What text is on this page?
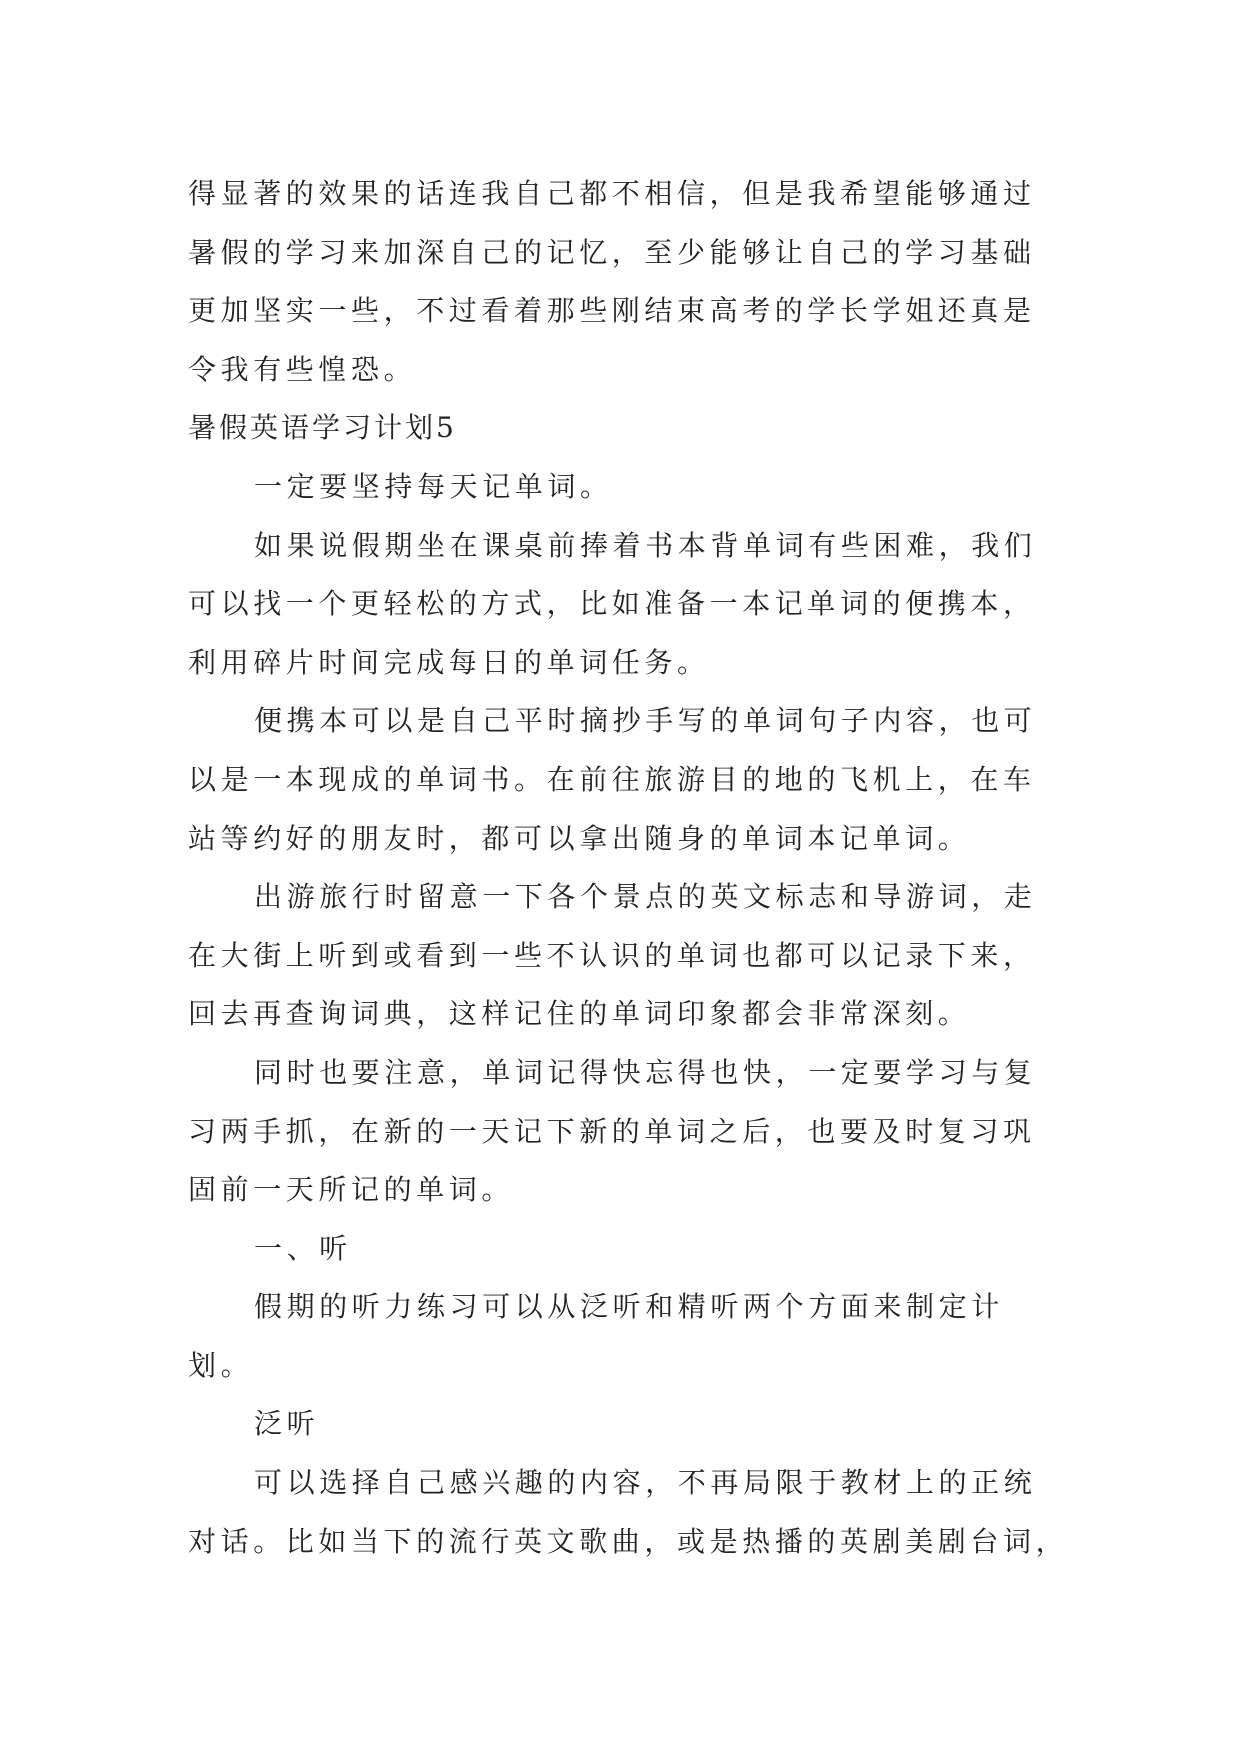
得显著的效果的话连我自己都不相信，但是我希望能够通过
暑假的学习来加深自己的记忆，至少能够让自己的学习基础
更加坚实一些，不过看着那些刚结束高考的学长学姐还真是
令我有些惶恐。
暑假英语学习计划5
一定要坚持每天记单词。
如果说假期坐在课桌前捧着书本背单词有些困难，我们
可以找一个更轻松的方式，比如准备一本记单词的便携本，
利用碎片时间完成每日的单词任务。
便携本可以是自己平时摘抄手写的单词句子内容，也可
以是一本现成的单词书。在前往旅游目的地的飞机上，在车
站等约好的朋友时，都可以拿出随身的单词本记单词。
出游旅行时留意一下各个景点的英文标志和导游词，走
在大街上听到或看到一些不认识的单词也都可以记录下来，
回去再查询词典，这样记住的单词印象都会非常深刻。
同时也要注意，单词记得快忘得也快，一定要学习与复
习两手抓，在新的一天记下新的单词之后，也要及时复习巩
固前一天所记的单词。
一、听
假期的听力练习可以从泛听和精听两个方面来制定计
划。
泛听
可以选择自己感兴趣的内容，不再局限于教材上的正统
对话。比如当下的流行英文歌曲，或是热播的英剧美剧台词，
